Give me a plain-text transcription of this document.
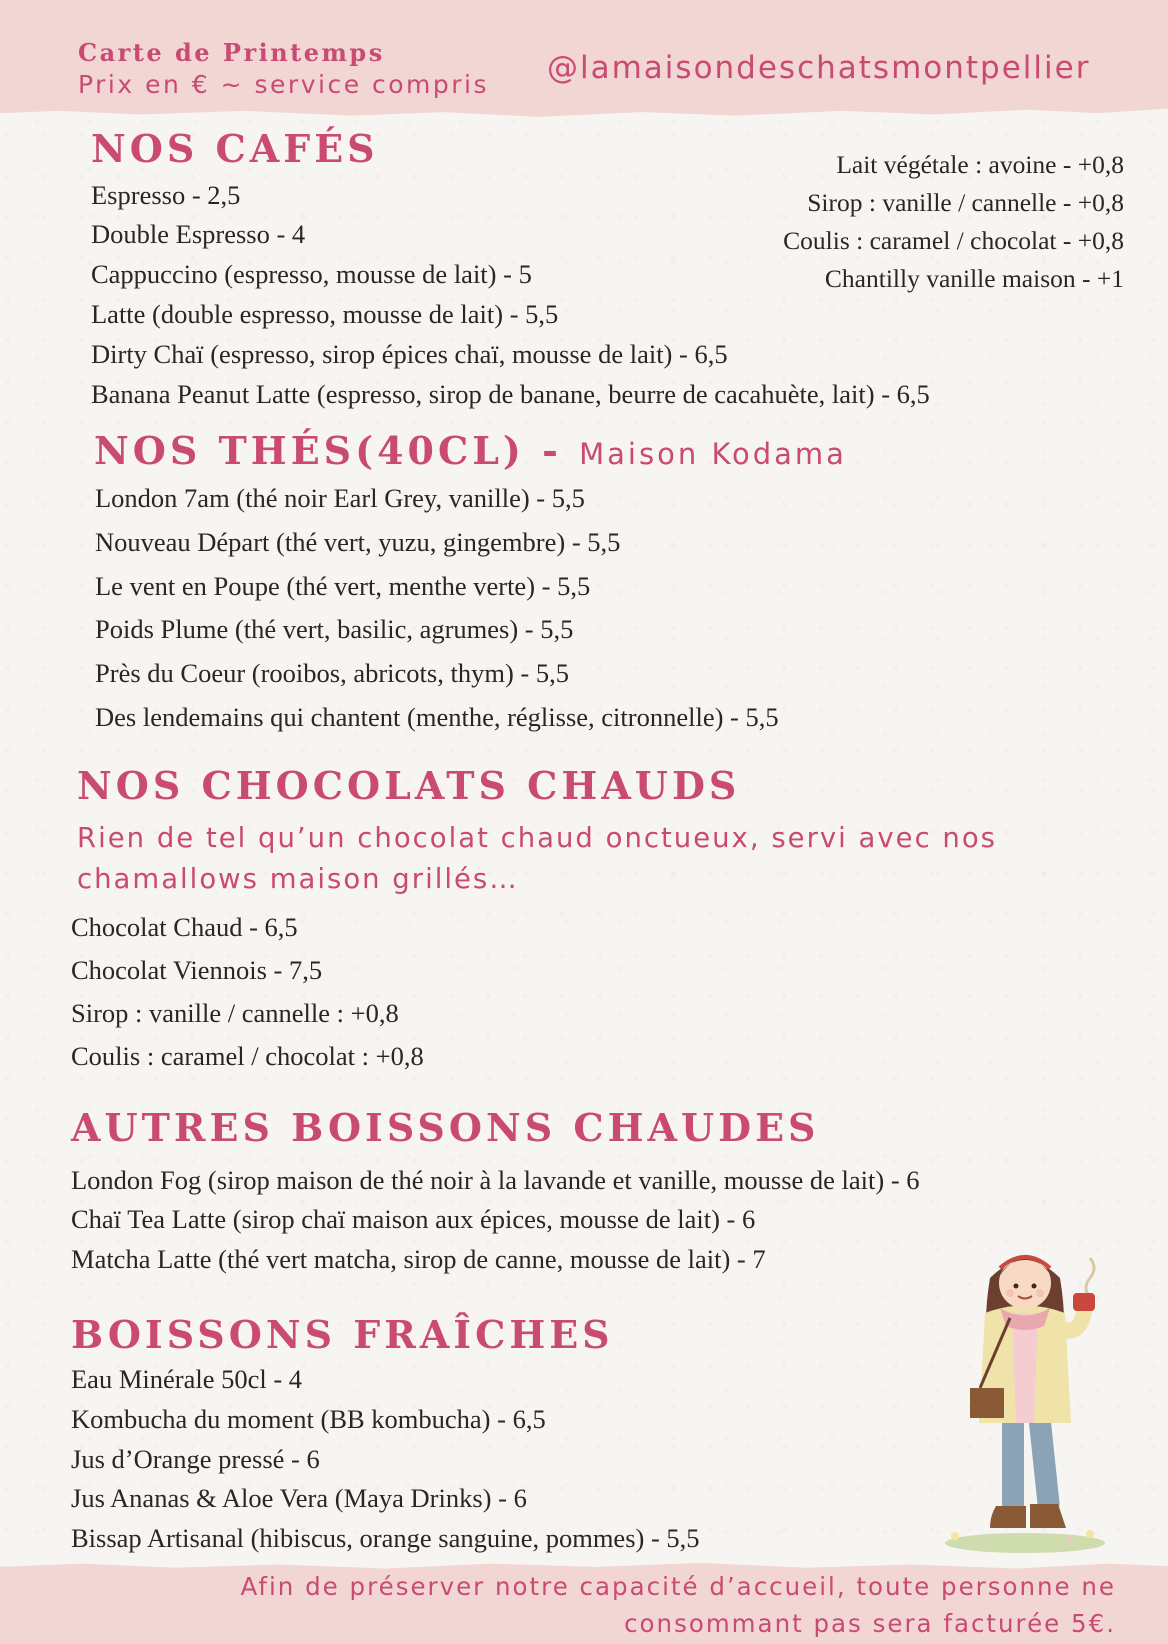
Carte de Printemps
Prix en € ~ service compris @lamaisondeschatsmontpellier
NOS CAFÉS
Espresso - 2,5
Double Espresso - 4
Cappuccino (espresso, mousse de lait) - 5
Latte (double espresso, mousse de lait) - 5,5
Dirty Chaï (espresso, sirop épices chaï, mousse de lait) - 6,5
Banana Peanut Latte (espresso, sirop de banane, beurre de cacahuète, lait) - 6,5
Lait végétale : avoine - +0,8
Sirop : vanille / cannelle - +0,8
Coulis : caramel / chocolat - +0,8
Chantilly vanille maison - +1
NOS THÉS(40CL) - Maison Kodama
London 7am (thé noir Earl Grey, vanille) - 5,5
Nouveau Départ (thé vert, yuzu, gingembre) - 5,5
Le vent en Poupe (thé vert, menthe verte) - 5,5
Poids Plume (thé vert, basilic, agrumes) - 5,5
Près du Coeur (rooibos, abricots, thym) - 5,5
Des lendemains qui chantent (menthe, réglisse, citronnelle) - 5,5
NOS CHOCOLATS CHAUDS
Rien de tel qu’un chocolat chaud onctueux, servi avec nos
chamallows maison grillés…
Chocolat Chaud - 6,5
Chocolat Viennois - 7,5
Sirop : vanille / cannelle : +0,8
Coulis : caramel / chocolat : +0,8
AUTRES BOISSONS CHAUDES
London Fog (sirop maison de thé noir à la lavande et vanille, mousse de lait) - 6
Chaï Tea Latte (sirop chaï maison aux épices, mousse de lait) - 6
Matcha Latte (thé vert matcha, sirop de canne, mousse de lait) - 7
BOISSONS FRAÎCHES
Eau Minérale 50cl - 4
Kombucha du moment (BB kombucha) - 6,5
Jus d’Orange pressé - 6
Jus Ananas & Aloe Vera (Maya Drinks) - 6
Bissap Artisanal (hibiscus, orange sanguine, pommes) - 5,5
Afin de préserver notre capacité d’accueil, toute personne ne
consommant pas sera facturée 5€.
